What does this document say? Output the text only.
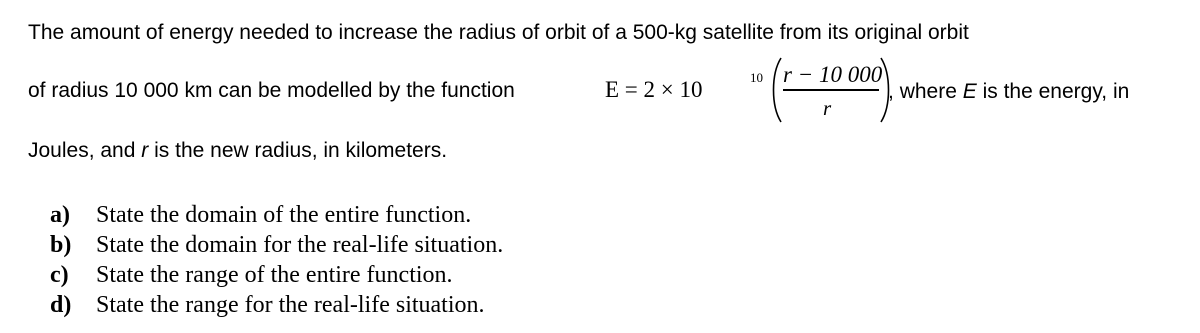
The amount of energy needed to increase the radius of orbit of a 500-kg satellite from its original orbit
of radius 10 000 km can be modelled by the function	E = 2 × 10	10 r − 10 000
r
, where E is the energy, in
Joules, and r is the new radius, in kilometers.
a) State the domain of the entire function.
b) State the domain for the real-life situation.
c) State the range of the entire function.
d) State the range for the real-life situation.
